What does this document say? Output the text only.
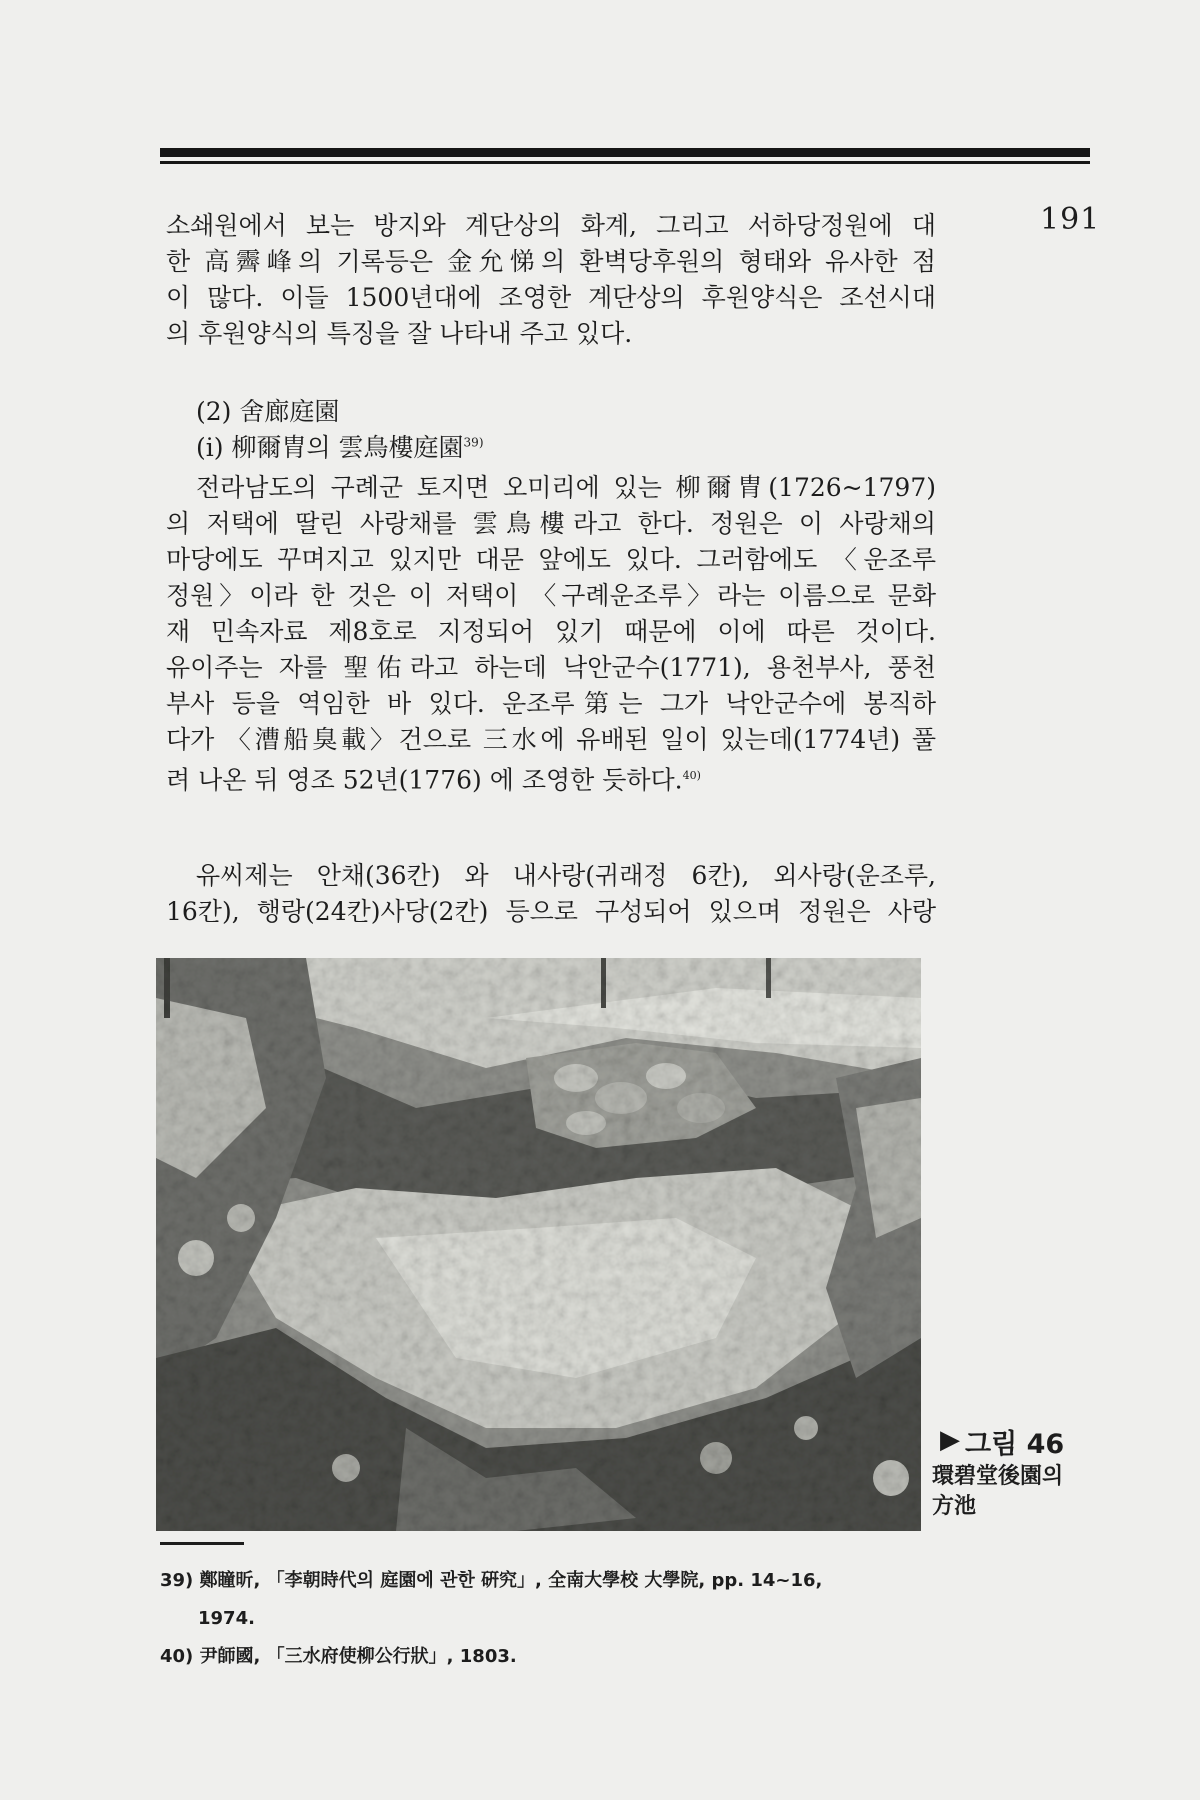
191
소쇄원에서 보는 방지와 계단상의 화계, 그리고 서하당정원에 대
한 高霽峰의 기록등은 金允悌의 환벽당후원의 형태와 유사한 점
이 많다. 이들 1500년대에 조영한 계단상의 후원양식은 조선시대
의 후원양식의 특징을 잘 나타내 주고 있다.
(2) 舍廊庭園
(ⅰ) 柳爾胄의 雲鳥樓庭園$^{39)}$
전라남도의 구례군 토지면 오미리에 있는 柳爾胄(1726~1797)
의 저택에 딸린 사랑채를 雲鳥樓라고 한다. 정원은 이 사랑채의
마당에도 꾸며지고 있지만 대문 앞에도 있다. 그러함에도 〈운조루
정원〉이라 한 것은 이 저택이 〈구례운조루〉라는 이름으로 문화
재 민속자료 제8호로 지정되어 있기 때문에 이에 따른 것이다.
유이주는 자를 聖佑라고 하는데 낙안군수(1771), 용천부사, 풍천
부사 등을 역임한 바 있다. 운조루第는 그가 낙안군수에 봉직하
다가 〈漕船臭載〉건으로 三水에 유배된 일이 있는데(1774년) 풀
려 나온 뒤 영조 52년(1776) 에 조영한 듯하다.$^{40)}$
유씨제는 안채(36칸) 와 내사랑(귀래정 6칸), 외사랑(운조루,
16칸), 행랑(24칸)사당(2칸) 등으로 구성되어 있으며 정원은 사랑
▶ 그림 46
環碧堂後園의 方池
39) 鄭瞳昕, 「李朝時代의 庭園에 관한 硏究」, 全南大學校 大學院, pp. 14~16,
1974.
40) 尹師國, 「三水府使柳公行狀」, 1803.
